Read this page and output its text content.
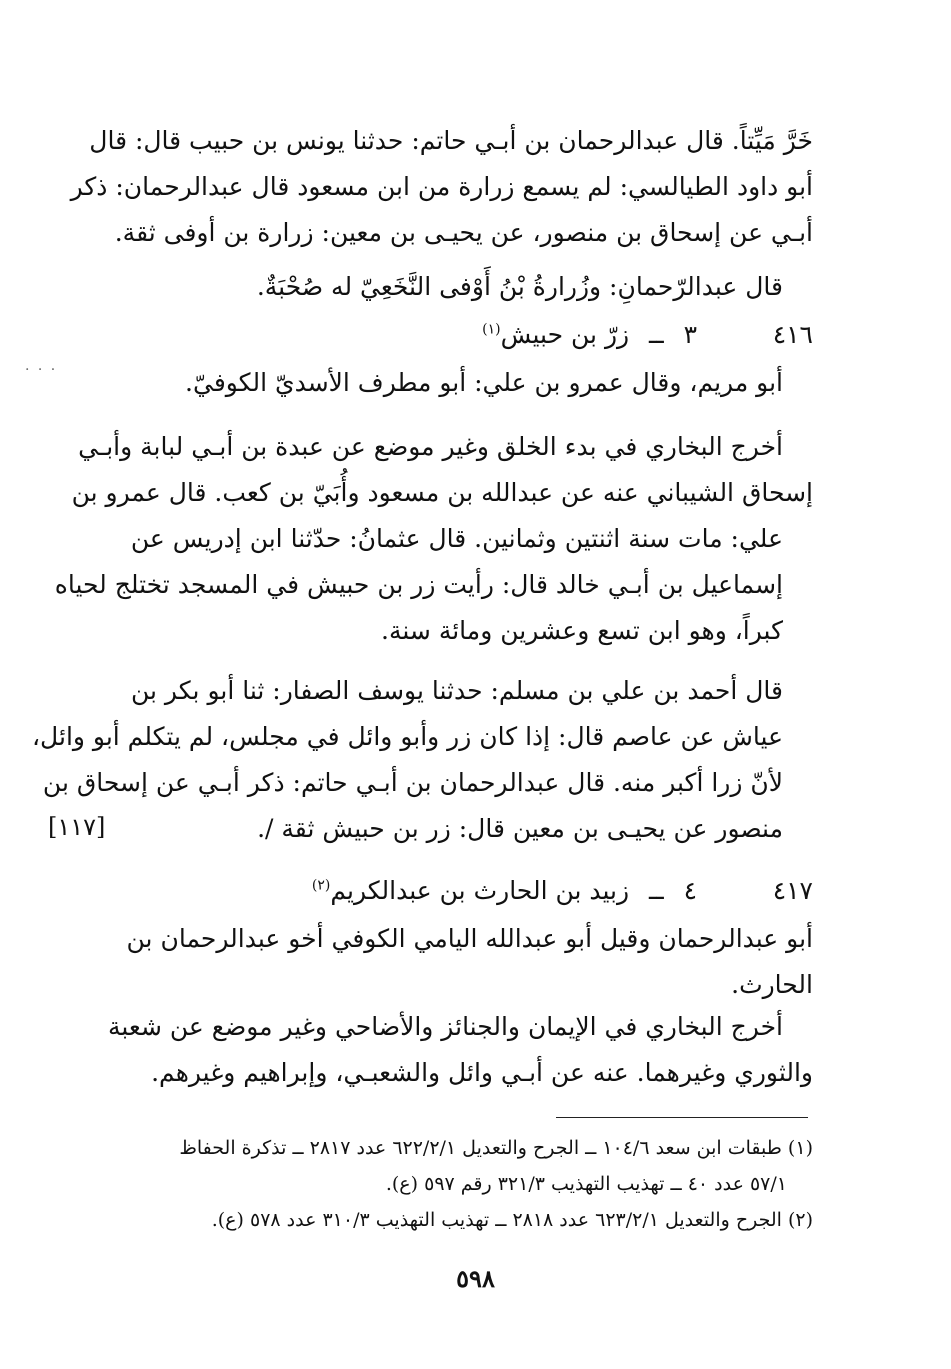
· · ·

خَرَّ مَيِّتاً. قال عبدالرحمان بن أبـي حاتم: حدثنا يونس بن حبيب قال: قال
أبو داود الطيالسي: لم يسمع زرارة من ابن مسعود قال عبدالرحمان: ذكر
أبـي عن إسحاق بن منصور، عن يحيـى بن معين: زرارة بن أوفى ثقة.

قال عبدالرّحمانِ: وزُرارةُ بْنُ أَوْفى النَّخَعِيّ له صُحْبَةٌ.

٤١٦  ٣ ــ زرّ بن حبيش$^{(١)}$

أبو مريم، وقال عمرو بن علي: أبو مطرف الأسديّ الكوفيّ.

أخرج البخاري في بدء الخلق وغير موضع عن عبدة بن أبـي لبابة وأبـي
إسحاق الشيباني عنه عن عبدالله بن مسعود وأُبَيّ بن كعب. قال عمرو بن
علي: مات سنة اثنتين وثمانين. قال عثمانُ: حدّثنا ابن إدريس عن
إسماعيل بن أبـي خالد قال: رأيت زر بن حبيش في المسجد تختلج لحياه
كبراً، وهو ابن تسع وعشرين ومائة سنة.

قال أحمد بن علي بن مسلم: حدثنا يوسف الصفار: ثنا أبو بكر بن
عياش عن عاصم قال: إذا كان زر وأبو وائل في مجلس، لم يتكلم أبو وائل،
لأنّ زرا أكبر منه. قال عبدالرحمان بن أبـي حاتم: ذكر أبـي عن إسحاق بن
منصور عن يحيـى بن معين قال: زر بن حبيش ثقة /.

[١١٧]
٤١٧  ٤ ــ زبيد بن الحارث بن عبدالكريم$^{(٢)}$

أبو عبدالرحمان وقيل أبو عبدالله اليامي الكوفي أخو عبدالرحمان بن
الحارث.

أخرج البخاري في الإيمان والجنائز والأضاحي وغير موضع عن شعبة
والثوري وغيرهما. عنه عن أبـي وائل والشعبـي، وإبراهيم وغيرهم.

(١) طبقات ابن سعد ١٠٤/٦ ــ الجرح والتعديل ٦٢٢/٢/١ عدد ٢٨١٧ ــ تذكرة الحفاظ
٥٧/١ عدد ٤٠ ــ تهذيب التهذيب ٣٢١/٣ رقم ٥٩٧ (ع).
(٢) الجرح والتعديل ٦٢٣/٢/١ عدد ٢٨١٨ ــ تهذيب التهذيب ٣١٠/٣ عدد ٥٧٨ (ع).
٥٩٨
